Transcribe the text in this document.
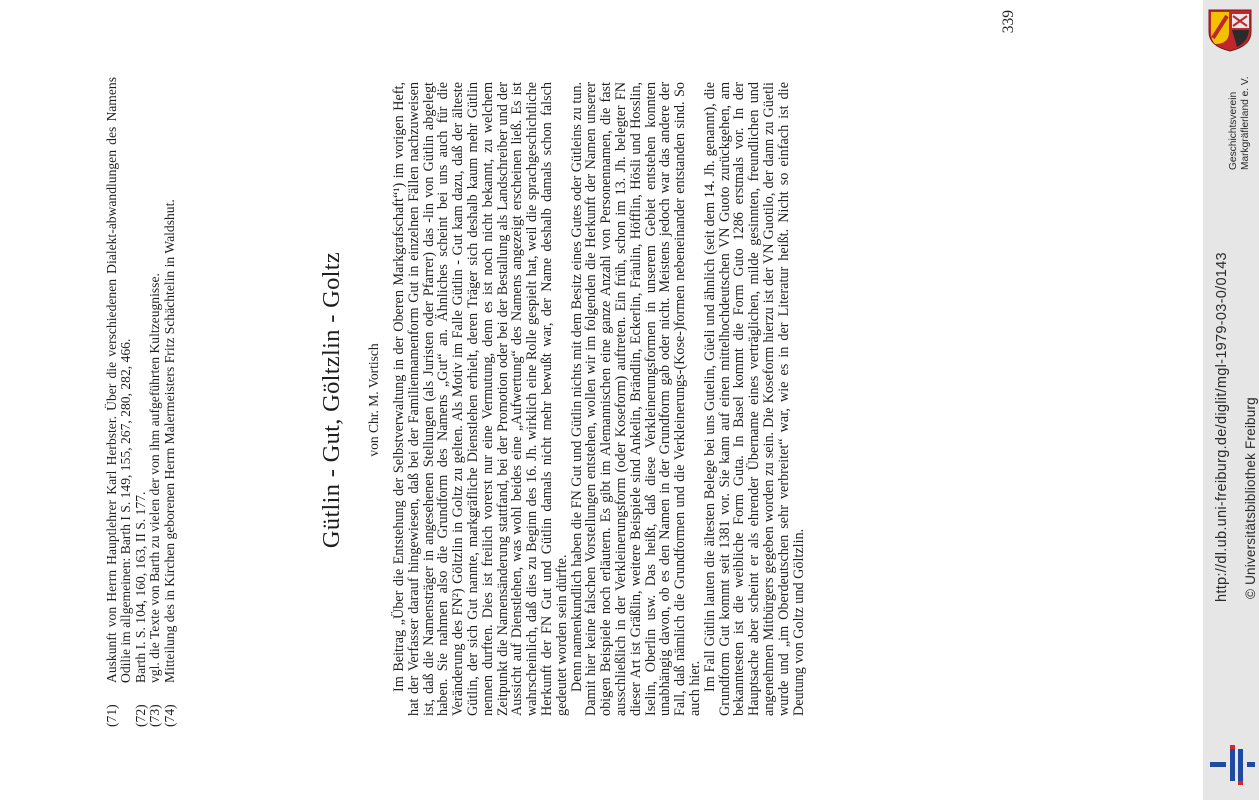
(71)
Auskunft von Herrn Hauptlehrer Karl Herbster. Über die verschiedenen Dialekt-abwandlungen des Namens Odilie im allgemeinen: Barth I S. 149, 155, 267, 280, 282, 466.
(72)
Barth I. S. 104, 160, 163, II S. 177.
(73)
vgl. die Texte von Barth zu vielen der von ihm aufgeführten Kultzeugnisse.
(74)
Mitteilung des in Kirchen geborenen Herrn Malermeisters Fritz Schächtelin in Waldshut.	Gütlin - Gut, Göltzlin - Goltz von Chr. M. Vortisch Im Beitrag „Über die Entstehung der Selbstverwaltung in der Oberen Markgrafschaft“¹) im vorigen Heft, hat der Verfasser darauf hingewiesen, daß bei der Familiennamenform Gut in einzelnen Fällen nachzuweisen ist, daß die Namensträger in angesehenen Stellungen (als Juristen oder Pfarrer) das -lin von Gütlin abgelegt haben. Sie nahmen also die Grundform des Namens „Gut“ an. Ähnliches scheint bei uns auch für die Veränderung des FN²) Göltzlin in Goltz zu gelten. Als Motiv im Falle Gütlin - Gut kam dazu, daß der älteste Gütlin, der sich Gut nannte, markgräfliche Dienstlehen erhielt, deren Träger sich deshalb kaum mehr Gütlin nennen durften. Dies ist freilich vorerst nur eine Vermutung, denn es ist noch nicht bekannt, zu welchem Zeitpunkt die Namensänderung stattfand, bei der Promotion oder bei der Bestallung als Landschreiber und der Aussicht auf Dienstlehen, was wohl beides eine „Aufwertung“ des Namens angezeigt erscheinen ließ. Es ist wahrscheinlich, daß dies zu Beginn des 16. Jh. wirklich eine Rolle gespielt hat, weil die sprachgeschichtliche Herkunft der FN Gut und Gütlin damals nicht mehr bewußt war, der Name deshalb damals schon falsch gedeutet worden sein dürfte.

Denn namenkundlich haben die FN Gut und Gütlin nichts mit dem Besitz eines Gutes oder Gütleins zu tun. Damit hier keine falschen Vorstellungen entstehen, wollen wir im folgenden die Herkunft der Namen unserer obigen Beispiele noch erläutern. Es gibt im Alemannischen eine ganze Anzahl von Personennamen, die fast ausschließlich in der Verkleinerungsform (oder Koseform) auftreten. Ein früh, schon im 13. Jh. belegter FN dieser Art ist Gräßlin, weitere Beispiele sind Ankelin, Brändlin, Eckerlin, Fräulin, Höfflin, Hösli und Hosslin, Iselin, Oberlin usw. Das heißt, daß diese Verkleinerungsformen in unserem Gebiet entstehen konnten unabhängig davon, ob es den Namen in der Grundform gab oder nicht. Meistens jedoch war das andere der Fall, daß nämlich die Grundformen und die Verkleinerungs-(Kose-)formen nebeneinander entstanden sind. So auch hier.

Im Fall Gütlin lauten die ältesten Belege bei uns Gutelin, Güeli und ähnlich (seit dem 14. Jh. genannt), die Grundform Gut kommt seit 1381 vor. Sie kann auf einen mittelhochdeutschen VN Guoto zurückgehen, am bekanntesten ist die weibliche Form Guta. In Basel kommt die Form Guto 1286 erstmals vor. In der Hauptsache aber scheint er als ehrender Übername eines verträglichen, milde gesinnten, freundlichen und angenehmen Mitbürgers gegeben worden zu sein. Die Koseform hierzu ist der VN Guotilo, der dann zu Güetli wurde und „im Oberdeutschen sehr verbreitet“ war, wie es in der Literatur heißt. Nicht so einfach ist die Deutung von Goltz und Göltzlin.

339
Geschichtsverein Markgräflerland e. V.
http://dl.ub.uni-freiburg.de/diglit/mgl-1979-03-0/0143 © Universitätsbibliothek Freiburg
